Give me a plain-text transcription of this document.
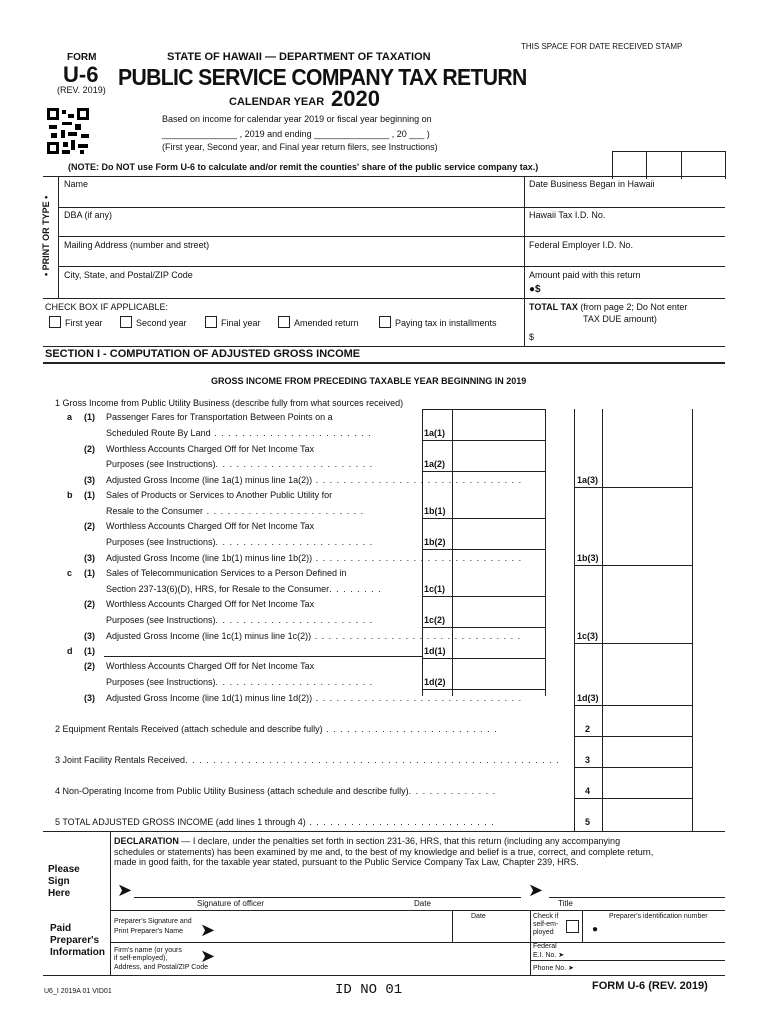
THIS SPACE FOR DATE RECEIVED STAMP
FORM
U-6
(REV. 2019)
STATE OF HAWAII — DEPARTMENT OF TAXATION
PUBLIC SERVICE COMPANY TAX RETURN
CALENDAR YEAR 2020
Based on income for calendar year 2019 or fiscal year beginning on
_______________ , 2019 and ending _______________ , 20 ___ )
(First year, Second year, and Final year return filers, see Instructions)
(NOTE: Do NOT use Form U-6 to calculate and/or remit the counties' share of the public service company tax.)
• PRINT OR TYPE •
Name
DBA (if any)
Mailing Address (number and street)
City, State, and Postal/ZIP Code
Date Business Began in Hawaii
Hawaii Tax I.D. No.
Federal Employer I.D. No.
Amount paid with this return
●$
CHECK BOX IF APPLICABLE:
First year	Second year	Final year	Amended return	Paying tax in installments
TOTAL TAX (from page 2; Do Not enter
TAX DUE amount)
$
SECTION I - COMPUTATION OF ADJUSTED GROSS INCOME
GROSS INCOME FROM PRECEDING TAXABLE YEAR BEGINNING IN 2019
1 Gross Income from Public Utility Business (describe fully from what sources received)
a (1) Passenger Fares for Transportation Between Points on a
Scheduled Route By Land . . . . . . . . . . . . . . . . . . . . . . .	1a(1)
(2) Worthless Accounts Charged Off for Net Income Tax
Purposes (see Instructions). . . . . . . . . . . . . . . . . . . . . . .	1a(2)
(3) Adjusted Gross Income (line 1a(1) minus line 1a(2)) . . . . . . . . . . . . . . . . . . . . . . . . . . . . . .	1a(3)
b (1) Sales of Products or Services to Another Public Utility for
Resale to the Consumer . . . . . . . . . . . . . . . . . . . . . . .	1b(1)
(2) Worthless Accounts Charged Off for Net Income Tax
Purposes (see Instructions). . . . . . . . . . . . . . . . . . . . . . .	1b(2)
(3) Adjusted Gross Income (line 1b(1) minus line 1b(2)) . . . . . . . . . . . . . . . . . . . . . . . . . . . . . .	1b(3)
c (1) Sales of Telecommunication Services to a Person Defined in
Section 237-13(6)(D), HRS, for Resale to the Consumer. . . . . . . .	1c(1)
(2) Worthless Accounts Charged Off for Net Income Tax
Purposes (see Instructions). . . . . . . . . . . . . . . . . . . . . . .	1c(2)
(3) Adjusted Gross Income (line 1c(1) minus line 1c(2)) . . . . . . . . . . . . . . . . . . . . . . . . . . . . . .	1c(3)
d (1)	1d(1)
(2) Worthless Accounts Charged Off for Net Income Tax
Purposes (see Instructions). . . . . . . . . . . . . . . . . . . . . . .	1d(2)
(3) Adjusted Gross Income (line 1d(1) minus line 1d(2)) . . . . . . . . . . . . . . . . . . . . . . . . . . . . . .	1d(3)
2 Equipment Rentals Received (attach schedule and describe fully) . . . . . . . . . . . . . . . . . . . . . . . . .	2
3 Joint Facility Rentals Received. . . . . . . . . . . . . . . . . . . . . . . . . . . . . . . . . . . . . . . . . . . . . . . . . . . . . .	3
4 Non-Operating Income from Public Utility Business (attach schedule and describe fully). . . . . . . . . . . . .	4
5 TOTAL ADJUSTED GROSS INCOME (add lines 1 through 4) . . . . . . . . . . . . . . . . . . . . . . . . . . .	5
DECLARATION — I declare, under the penalties set forth in section 231-36, HRS, that this return (including any accompanying
schedules or statements) has been examined by me and, to the best of my knowledge and belief is a true, correct, and complete return,
made in good faith, for the taxable year stated, pursuant to the Public Service Company Tax Law, Chapter 239, HRS.
Please
Sign
Here	➤	➤
Signature of officer	Date	Title
Paid
Preparer's
Information
Preparer's Signature and
Print Preparer's Name ➤
Date	Check if
self-em-
ployed	●
Preparer's identification number
Firm's name (or yours
if self-employed),
Address, and Postal/ZIP Code
➤	Federal
E.I. No. ➤
Phone No. ➤
U6_I 2019A 01 VID01	ID NO 01	FORM U-6 (REV. 2019)
